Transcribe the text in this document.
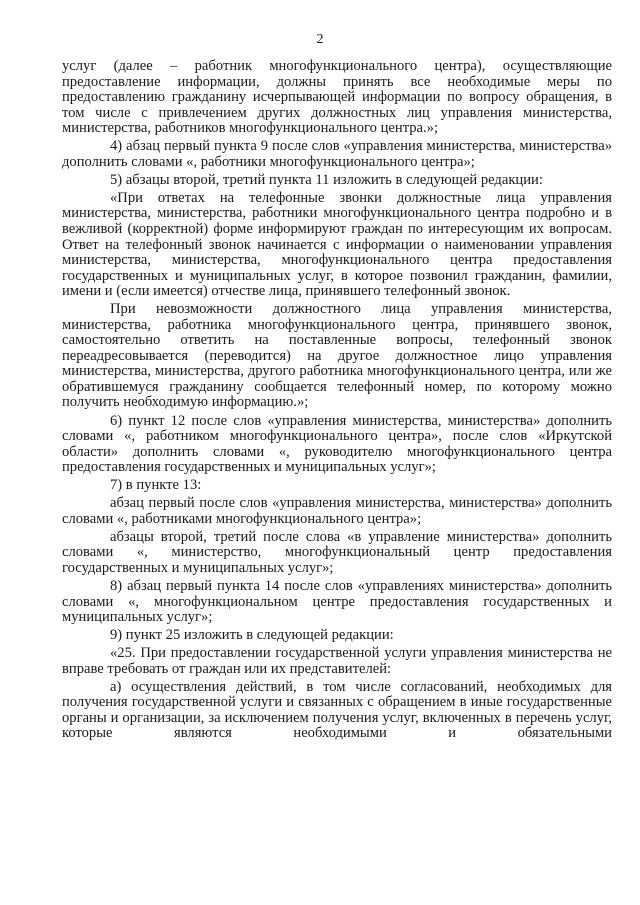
2

услуг (далее – работник многофункционального центра), осуществляющие предоставление информации, должны принять все необходимые меры по предоставлению гражданину исчерпывающей информации по вопросу обращения, в том числе с привлечением других должностных лиц управления министерства, министерства, работников многофункционального центра.»;

4) абзац первый пункта 9 после слов «управления министерства, министерства» дополнить словами «, работники многофункционального центра»;

5) абзацы второй, третий пункта 11 изложить в следующей редакции:

«При ответах на телефонные звонки должностные лица управления министерства, министерства, работники многофункционального центра подробно и в вежливой (корректной) форме информируют граждан по интересующим их вопросам. Ответ на телефонный звонок начинается с информации о наименовании управления министерства, министерства, многофункционального центра предоставления государственных и муниципальных услуг, в которое позвонил гражданин, фамилии, имени и (если имеется) отчестве лица, принявшего телефонный звонок.

При невозможности должностного лица управления министерства, министерства, работника многофункционального центра, принявшего звонок, самостоятельно ответить на поставленные вопросы, телефонный звонок переадресовывается (переводится) на другое должностное лицо управления министерства, министерства, другого работника многофункционального центра, или же обратившемуся гражданину сообщается телефонный номер, по которому можно получить необходимую информацию.»;

6) пункт 12 после слов «управления министерства, министерства» дополнить словами «, работником многофункционального центра», после слов «Иркутской области» дополнить словами «, руководителю многофункционального центра предоставления государственных и муниципальных услуг»;

7) в пункте 13:

абзац первый после слов «управления министерства, министерства» дополнить словами «, работниками многофункционального центра»;

абзацы второй, третий после слова «в управление министерства» дополнить словами «, министерство, многофункциональный центр предоставления государственных и муниципальных услуг»;

8) абзац первый пункта 14 после слов «управлениях министерства» дополнить словами «, многофункциональном центре предоставления государственных и муниципальных услуг»;

9) пункт 25 изложить в следующей редакции:

«25. При предоставлении государственной услуги управления министерства не вправе требовать от граждан или их представителей:

а) осуществления действий, в том числе согласований, необходимых для получения государственной услуги и связанных с обращением в иные государственные органы и организации, за исключением получения услуг, включенных в перечень услуг, которые являются необходимыми и обязательными
